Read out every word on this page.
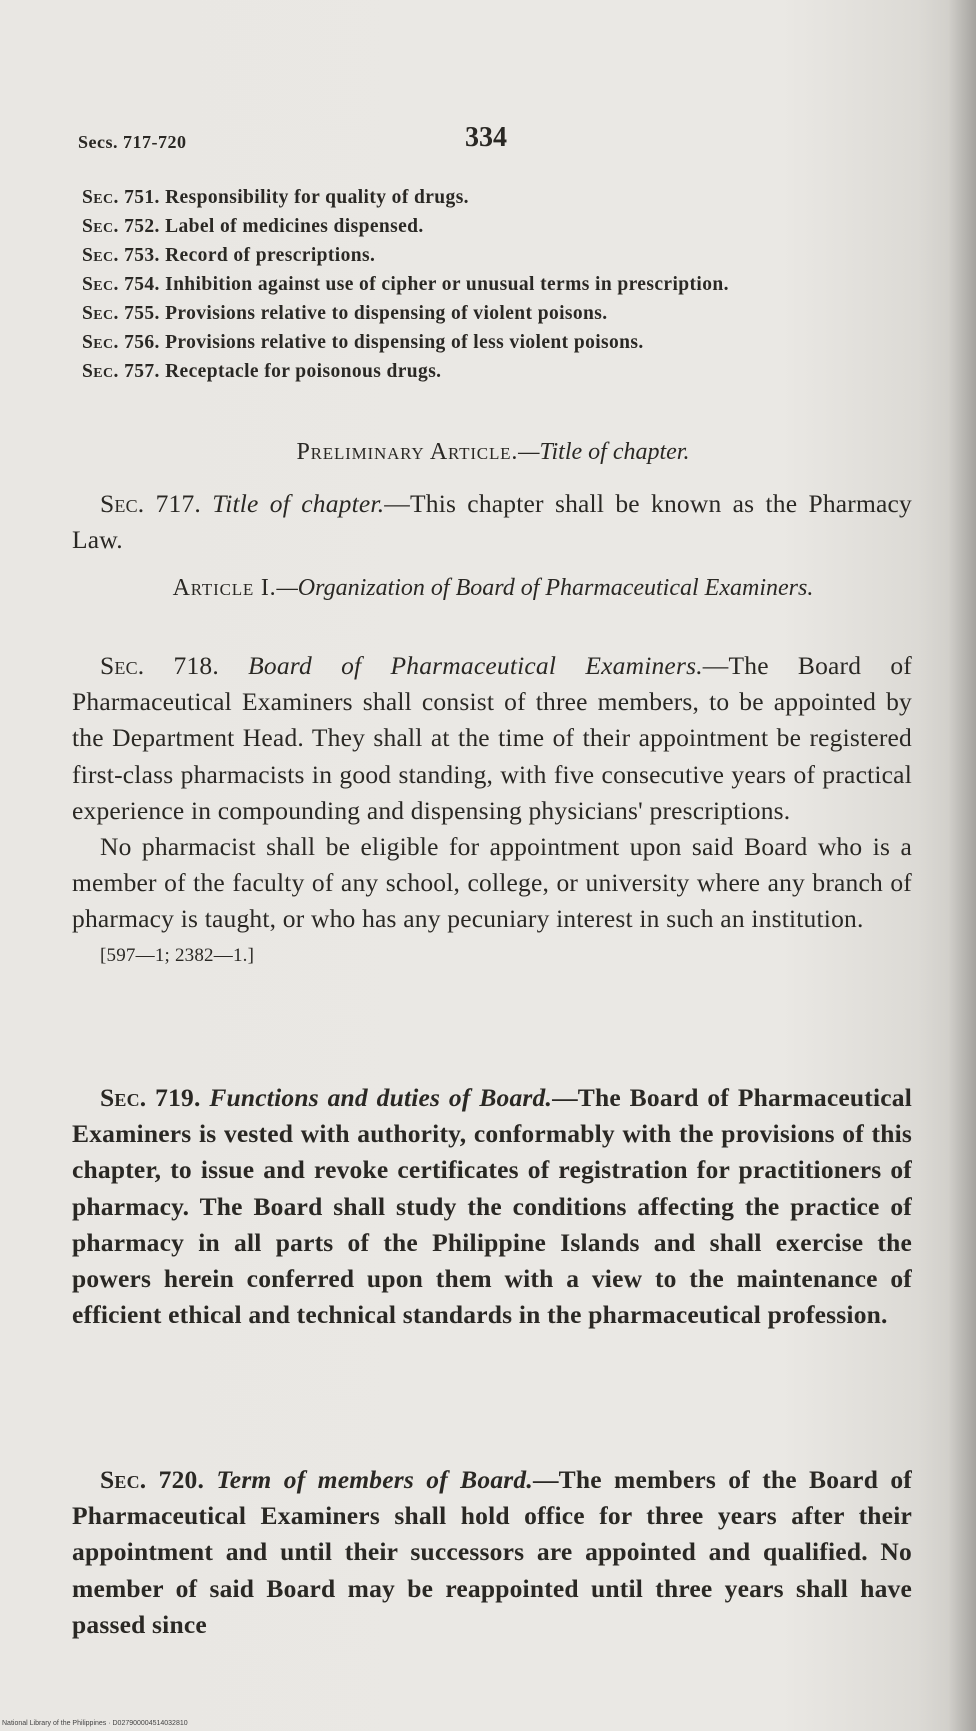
Secs. 717-720	334
Sec. 751. Responsibility for quality of drugs.
Sec. 752. Label of medicines dispensed.
Sec. 753. Record of prescriptions.
Sec. 754. Inhibition against use of cipher or unusual terms in prescription.
Sec. 755. Provisions relative to dispensing of violent poisons.
Sec. 756. Provisions relative to dispensing of less violent poisons.
Sec. 757. Receptacle for poisonous drugs.
Preliminary Article.—Title of chapter.

Sec. 717. Title of chapter.—This chapter shall be known as the Pharmacy Law.

Article I.—Organization of Board of Pharmaceutical Examiners.

Sec. 718. Board of Pharmaceutical Examiners.—The Board of Pharmaceutical Examiners shall consist of three members, to be appointed by the Department Head. They shall at the time of their appointment be registered first-class pharmacists in good standing, with five consecutive years of practical experience in compounding and dispensing physicians' prescriptions.

No pharmacist shall be eligible for appointment upon said Board who is a member of the faculty of any school, college, or university where any branch of pharmacy is taught, or who has any pecuniary interest in such an institution.

[597—1; 2382—1.]

Sec. 719. Functions and duties of Board.—The Board of Pharmaceutical Examiners is vested with authority, conformably with the provisions of this chapter, to issue and revoke certificates of registration for practitioners of pharmacy. The Board shall study the conditions affecting the practice of pharmacy in all parts of the Philippine Islands and shall exercise the powers herein conferred upon them with a view to the maintenance of efficient ethical and technical standards in the pharmaceutical profession.

Sec. 720. Term of members of Board.—The members of the Board of Pharmaceutical Examiners shall hold office for three years after their appointment and until their successors are appointed and qualified. No member of said Board may be reappointed until three years shall have passed since

National Library of the Philippines · D027900004514032810
